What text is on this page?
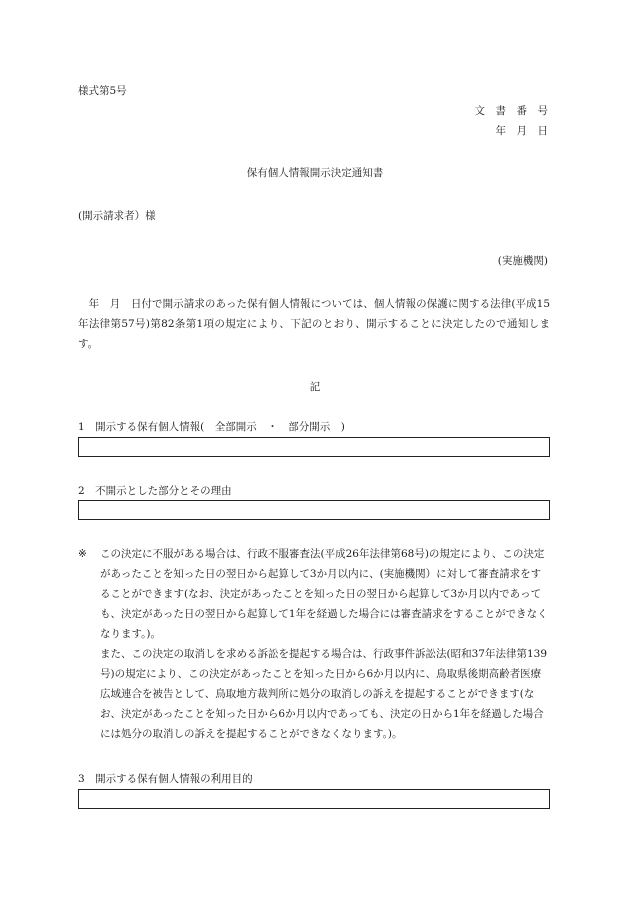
様式第5号

文　書　番　号

年　月　日

保有個人情報開示決定通知書

(開示請求者）様

(実施機関)

　年　月　日付で開示請求のあった保有個人情報については、個人情報の保護に関する法律(平成15年法律第57号)第82条第1項の規定により、下記のとおり、開示することに決定したので通知します。

記

1　開示する保有個人情報(　全部開示　・　部分開示　)

2　不開示とした部分とその理由

※ この決定に不服がある場合は、行政不服審査法(平成26年法律第68号)の規定により、この決定があったことを知った日の翌日から起算して3か月以内に、(実施機関）に対して審査請求をすることができます(なお、決定があったことを知った日の翌日から起算して3か月以内であっても、決定があった日の翌日から起算して1年を経過した場合には審査請求をすることができなくなります。)。

また、この決定の取消しを求める訴訟を提起する場合は、行政事件訴訟法(昭和37年法律第139号)の規定により、この決定があったことを知った日から6か月以内に、鳥取県後期高齢者医療広域連合を被告として、鳥取地方裁判所に処分の取消しの訴えを提起することができます(なお、決定があったことを知った日から6か月以内であっても、決定の日から1年を経過した場合には処分の取消しの訴えを提起することができなくなります。)。

3　開示する保有個人情報の利用目的
